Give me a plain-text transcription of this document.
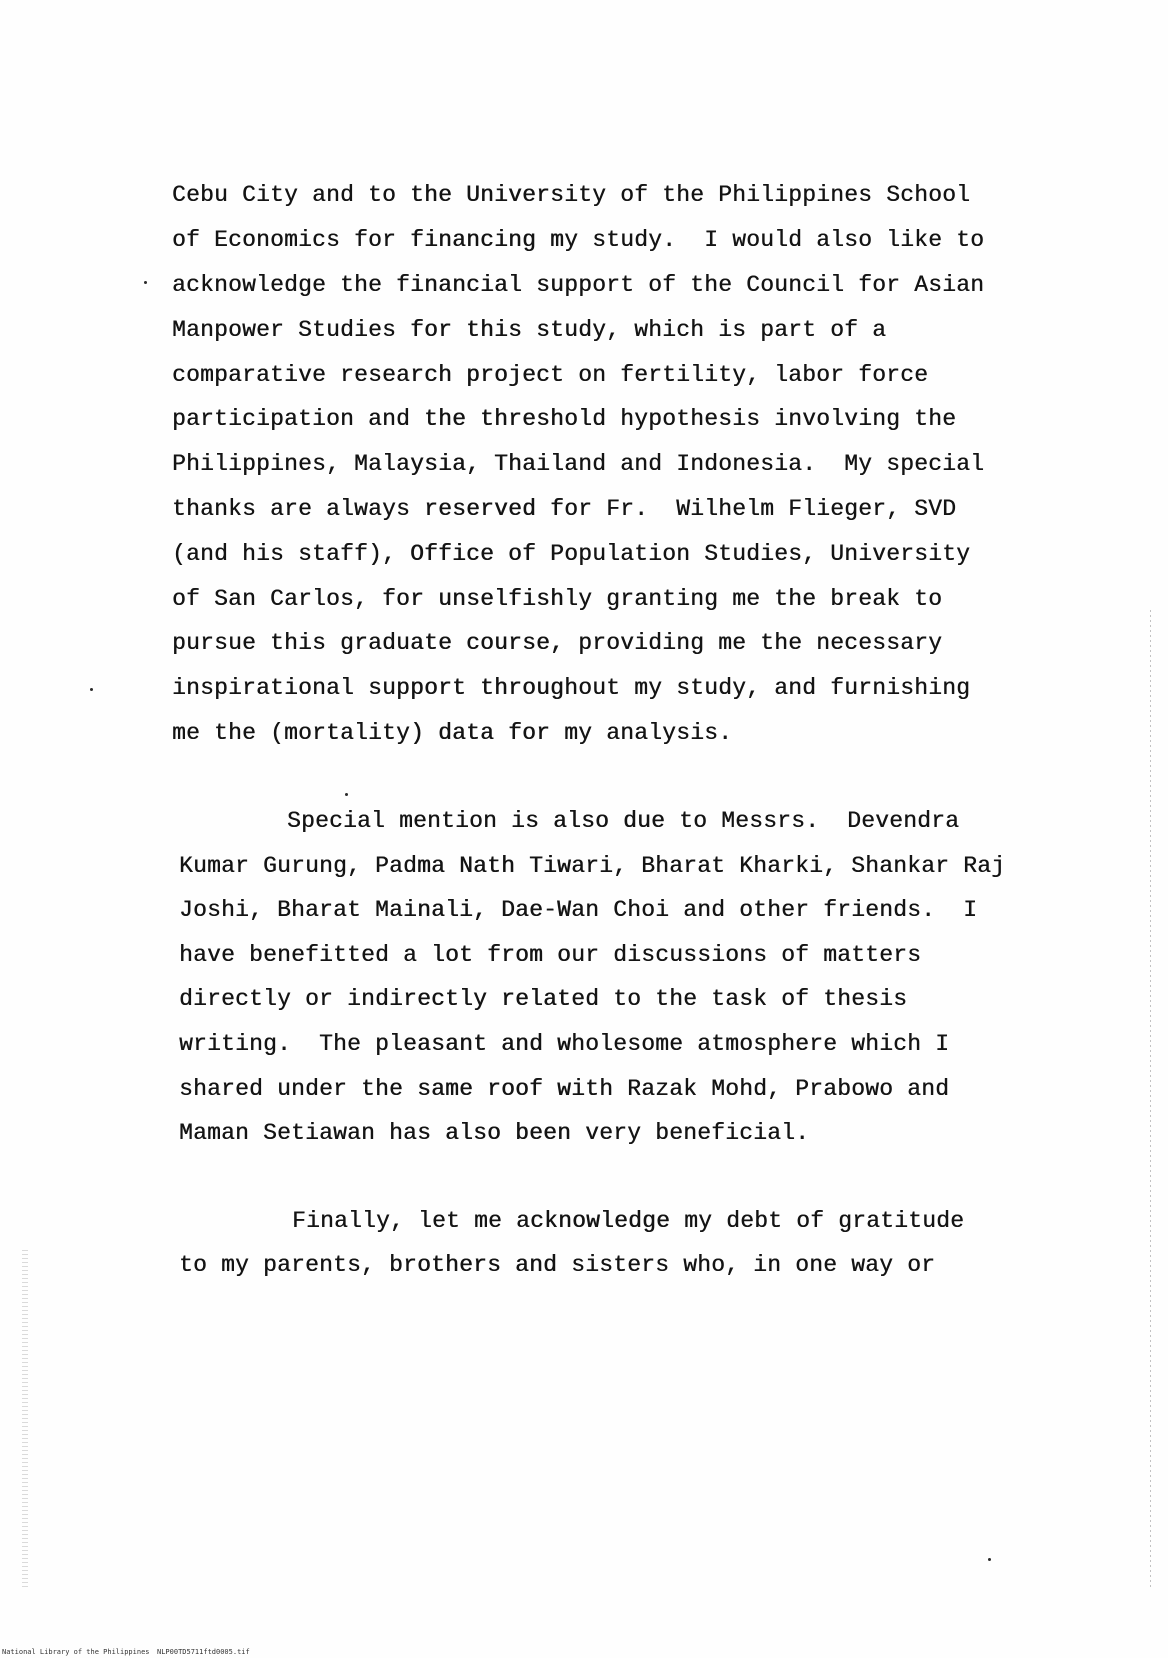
Cebu City and to the University of the Philippines School

of Economics for financing my study.  I would also like to

acknowledge the financial support of the Council for Asian

Manpower Studies for this study, which is part of a

comparative research project on fertility, labor force

participation and the threshold hypothesis involving the

Philippines, Malaysia, Thailand and Indonesia.  My special

thanks are always reserved for Fr.  Wilhelm Flieger, SVD

(and his staff), Office of Population Studies, University

of San Carlos, for unselfishly granting me the break to

pursue this graduate course, providing me the necessary

inspirational support throughout my study, and furnishing

me the (mortality) data for my analysis.

Special mention is also due to Messrs.  Devendra

Kumar Gurung, Padma Nath Tiwari, Bharat Kharki, Shankar Raj

Joshi, Bharat Mainali, Dae-Wan Choi and other friends.  I

have benefitted a lot from our discussions of matters

directly or indirectly related to the task of thesis

writing.  The pleasant and wholesome atmosphere which I

shared under the same roof with Razak Mohd, Prabowo and

Maman Setiawan has also been very beneficial.

Finally, let me acknowledge my debt of gratitude

to my parents, brothers and sisters who, in one way or

National Library of the Philippines NLP00TD5711ftd0005.tif
